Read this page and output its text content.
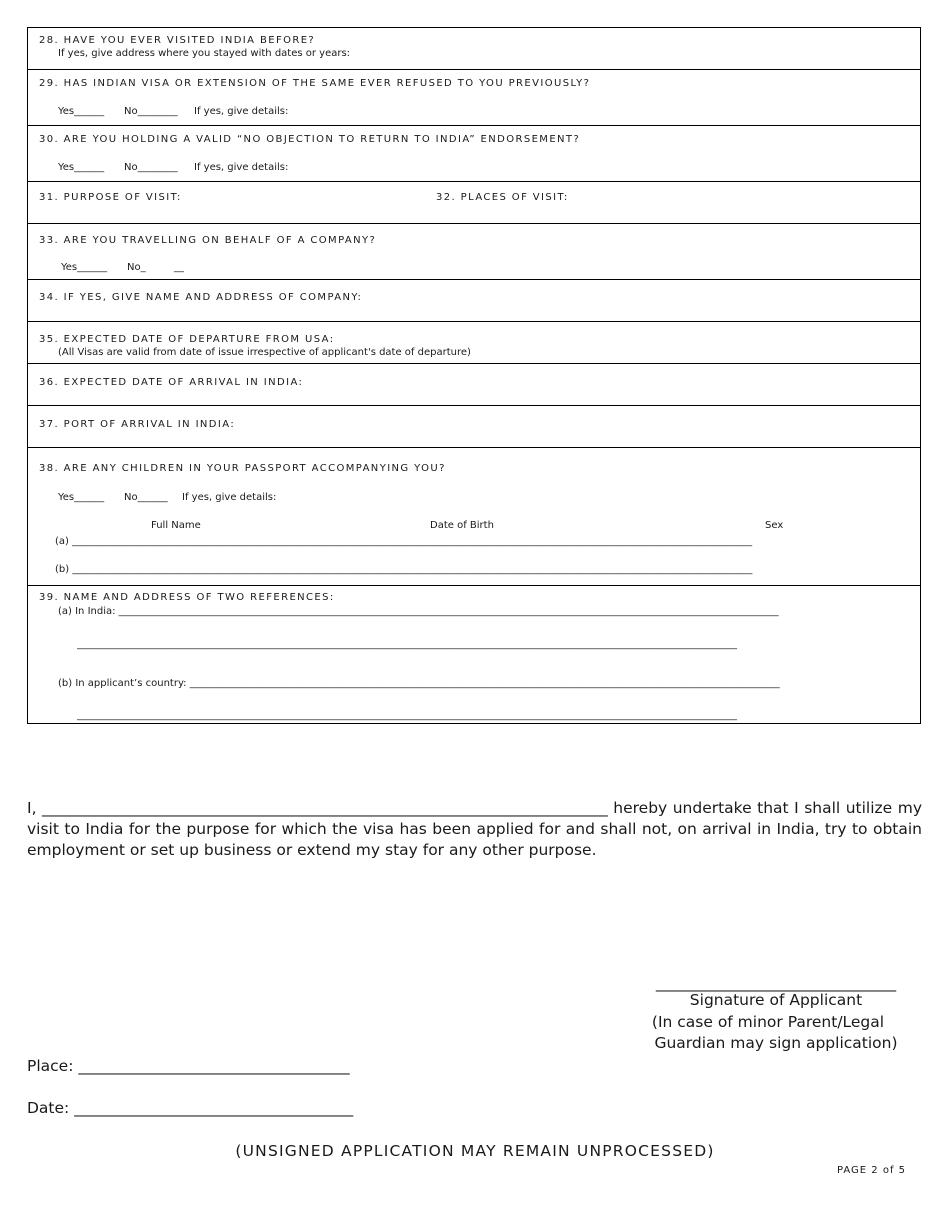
28. HAVE YOU EVER VISITED INDIA BEFORE?
If yes, give address where you stayed with dates or years:
29. HAS INDIAN VISA OR EXTENSION OF THE SAME EVER REFUSED TO YOU PREVIOUSLY?
Yes______ No________ If yes, give details:
30. ARE YOU HOLDING A VALID “NO OBJECTION TO RETURN TO INDIA” ENDORSEMENT?
Yes______ No________ If yes, give details:
31. PURPOSE OF VISIT:	32. PLACES OF VISIT:
33. ARE YOU TRAVELLING ON BEHALF OF A COMPANY?
Yes______ No_	__
34. IF YES, GIVE NAME AND ADDRESS OF COMPANY:
35. EXPECTED DATE OF DEPARTURE FROM USA:
(All Visas are valid from date of issue irrespective of applicant's date of departure)
36. EXPECTED DATE OF ARRIVAL IN INDIA:
37. PORT OF ARRIVAL IN INDIA:
38. ARE ANY CHILDREN IN YOUR PASSPORT ACCOMPANYING YOU?
Yes______ No______ If yes, give details:
Full Name	Date of Birth	Sex
(a) ________________________________________________________________________________________________________________________________________
(b) ________________________________________________________________________________________________________________________________________
39. NAME AND ADDRESS OF TWO REFERENCES:
(a) In India: ____________________________________________________________________________________________________________________________________
____________________________________________________________________________________________________________________________________
(b) In applicant’s country: ______________________________________________________________________________________________________________________
____________________________________________________________________________________________________________________________________
I, _________________________________________________________________________ hereby undertake that I shall utilize my visit to India for the purpose for which the visa has been applied for and shall not, on arrival in India, try to obtain employment or set up business or extend my stay for any other purpose.
_______________________________
Signature of Applicant
(In case of minor Parent/Legal
Guardian may sign application)
Place: ___________________________________
Date: ____________________________________
(UNSIGNED APPLICATION MAY REMAIN UNPROCESSED)
PAGE 2 of 5
